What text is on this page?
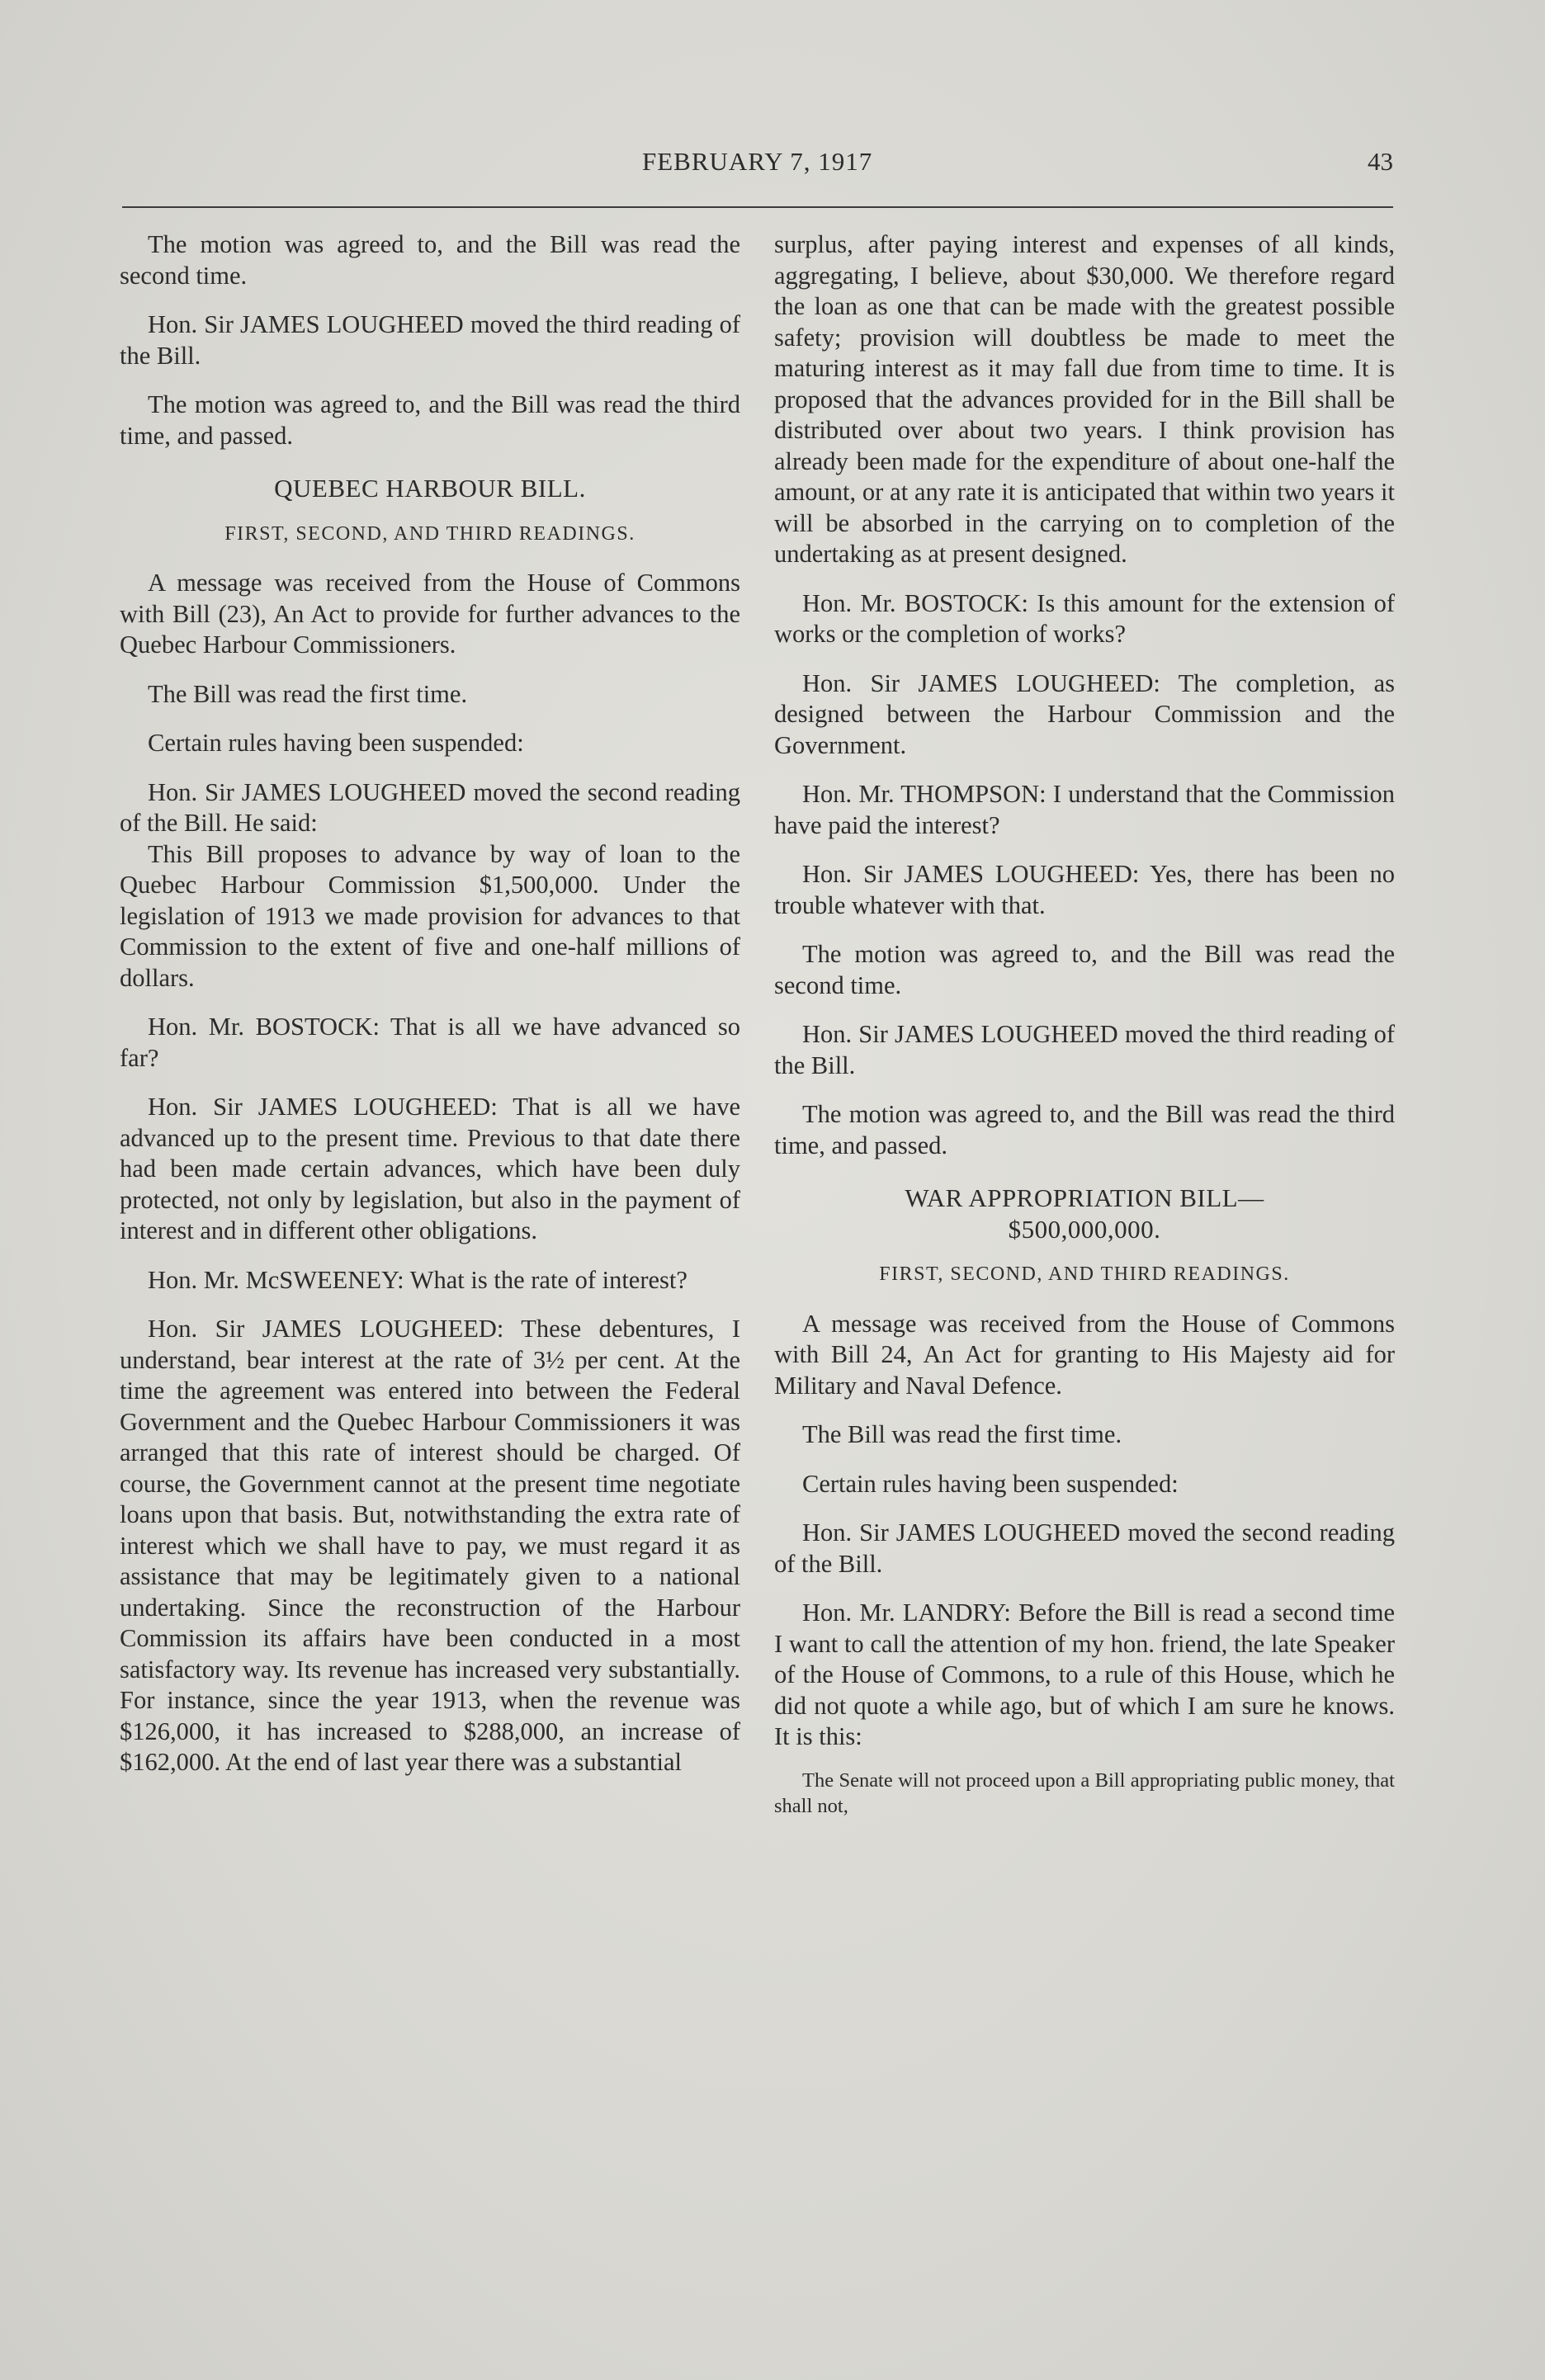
FEBRUARY 7, 1917	43

The motion was agreed to, and the Bill was read the second time.

Hon. Sir JAMES LOUGHEED moved the third reading of the Bill.

The motion was agreed to, and the Bill was read the third time, and passed.

QUEBEC HARBOUR BILL.
FIRST, SECOND, AND THIRD READINGS.

A message was received from the House of Commons with Bill (23), An Act to provide for further advances to the Quebec Harbour Commissioners.

The Bill was read the first time.

Certain rules having been suspended:

Hon. Sir JAMES LOUGHEED moved the second reading of the Bill. He said:

This Bill proposes to advance by way of loan to the Quebec Harbour Commission $1,500,000. Under the legislation of 1913 we made provision for advances to that Commission to the extent of five and one-half millions of dollars.

Hon. Mr. BOSTOCK: That is all we have advanced so far?

Hon. Sir JAMES LOUGHEED: That is all we have advanced up to the present time. Previous to that date there had been made certain advances, which have been duly protected, not only by legislation, but also in the payment of interest and in different other obligations.

Hon. Mr. McSWEENEY: What is the rate of interest?

Hon. Sir JAMES LOUGHEED: These debentures, I understand, bear interest at the rate of 3½ per cent. At the time the agreement was entered into between the Federal Government and the Quebec Harbour Commissioners it was arranged that this rate of interest should be charged. Of course, the Government cannot at the present time negotiate loans upon that basis. But, notwithstanding the extra rate of interest which we shall have to pay, we must regard it as assistance that may be legitimately given to a national undertaking. Since the reconstruction of the Harbour Commission its affairs have been conducted in a most satisfactory way. Its revenue has increased very substantially. For instance, since the year 1913, when the revenue was $126,000, it has increased to $288,000, an increase of $162,000. At the end of last year there was a substantial

surplus, after paying interest and expenses of all kinds, aggregating, I believe, about $30,000. We therefore regard the loan as one that can be made with the greatest possible safety; provision will doubtless be made to meet the maturing interest as it may fall due from time to time. It is proposed that the advances provided for in the Bill shall be distributed over about two years. I think provision has already been made for the expenditure of about one-half the amount, or at any rate it is anticipated that within two years it will be absorbed in the carrying on to completion of the undertaking as at present designed.

Hon. Mr. BOSTOCK: Is this amount for the extension of works or the completion of works?

Hon. Sir JAMES LOUGHEED: The completion, as designed between the Harbour Commission and the Government.

Hon. Mr. THOMPSON: I understand that the Commission have paid the interest?

Hon. Sir JAMES LOUGHEED: Yes, there has been no trouble whatever with that.

The motion was agreed to, and the Bill was read the second time.

Hon. Sir JAMES LOUGHEED moved the third reading of the Bill.

The motion was agreed to, and the Bill was read the third time, and passed.

WAR APPROPRIATION BILL—
$500,000,000.
FIRST, SECOND, AND THIRD READINGS.

A message was received from the House of Commons with Bill 24, An Act for granting to His Majesty aid for Military and Naval Defence.

The Bill was read the first time.

Certain rules having been suspended:

Hon. Sir JAMES LOUGHEED moved the second reading of the Bill.

Hon. Mr. LANDRY: Before the Bill is read a second time I want to call the attention of my hon. friend, the late Speaker of the House of Commons, to a rule of this House, which he did not quote a while ago, but of which I am sure he knows. It is this:

The Senate will not proceed upon a Bill appropriating public money, that shall not,
